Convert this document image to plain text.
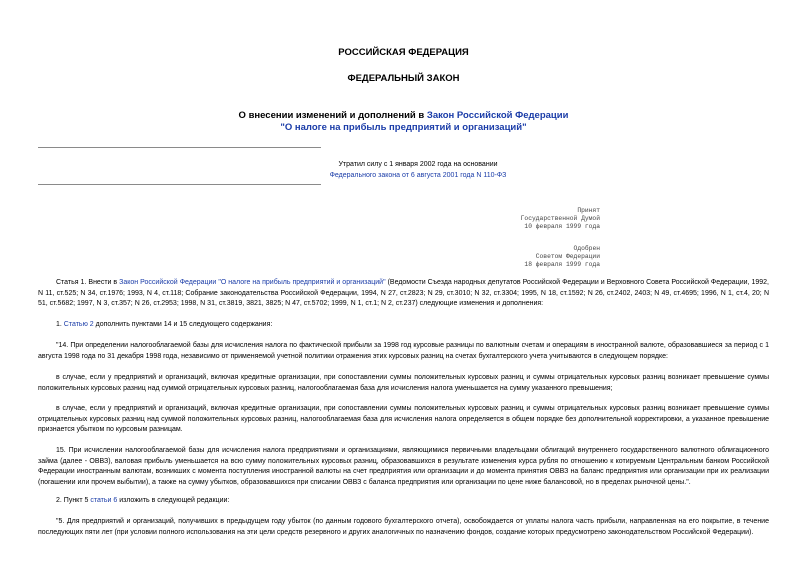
РОССИЙСКАЯ ФЕДЕРАЦИЯ
ФЕДЕРАЛЬНЫЙ ЗАКОН
О внесении изменений и дополнений в Закон Российской Федерации
"О налоге на прибыль предприятий и организаций"
Утратил силу с 1 января 2002 года на основании
Федерального закона от 6 августа 2001 года N 110-ФЗ
Принят
Государственной Думой
10 февраля 1999 года
Одобрен
Советом Федерации
18 февраля 1999 года
Статья 1. Внести в Закон Российской Федерации "О налоге на прибыль предприятий и организаций" (Ведомости Съезда народных депутатов Российской Федерации и Верховного Совета Российской Федерации, 1992, N 11, ст.525; N 34, ст.1976; 1993, N 4, ст.118; Собрание законодательства Российской Федерации, 1994, N 27, ст.2823; N 29, ст.3010; N 32, ст.3304; 1995, N 18, ст.1592; N 26, ст.2402, 2403; N 49, ст.4695; 1996, N 1, ст.4, 20; N 51, ст.5682; 1997, N 3, ст.357; N 26, ст.2953; 1998, N 31, ст.3819, 3821, 3825; N 47, ст.5702; 1999, N 1, ст.1; N 2, ст.237) следующие изменения и дополнения:
1. Статью 2 дополнить пунктами 14 и 15 следующего содержания:
"14. При определении налогооблагаемой базы для исчисления налога по фактической прибыли за 1998 год курсовые разницы по валютным счетам и операциям в иностранной валюте, образовавшиеся за период с 1 августа 1998 года по 31 декабря 1998 года, независимо от применяемой учетной политики отражения этих курсовых разниц на счетах бухгалтерского учета учитываются в следующем порядке:
в случае, если у предприятий и организаций, включая кредитные организации, при сопоставлении суммы положительных курсовых разниц и суммы отрицательных курсовых разниц возникает превышение суммы положительных курсовых разниц над суммой отрицательных курсовых разниц, налогооблагаемая база для исчисления налога уменьшается на сумму указанного превышения;
в случае, если у предприятий и организаций, включая кредитные организации, при сопоставлении суммы положительных курсовых разниц и суммы отрицательных курсовых разниц возникает превышение суммы отрицательных курсовых разниц над суммой положительных курсовых разниц, налогооблагаемая база для исчисления налога определяется в общем порядке без дополнительной корректировки, а указанное превышение признается убытком по курсовым разницам.
15. При исчислении налогооблагаемой базы для исчисления налога предприятиями и организациями, являющимися первичными владельцами облигаций внутреннего государственного валютного облигационного займа (далее - ОВВЗ), валовая прибыль уменьшается на всю сумму положительных курсовых разниц, образовавшихся в результате изменения курса рубля по отношению к котируемым Центральным банком Российской Федерации иностранным валютам, возникших с момента поступления иностранной валюты на счет предприятия или организации и до момента принятия ОВВЗ на баланс предприятия или организации при их реализации (погашении или прочем выбытии), а также на сумму убытков, образовавшихся при списании ОВВЗ с баланса предприятия или организации по цене ниже балансовой, но в пределах рыночной цены.".
2. Пункт 5 статьи 6 изложить в следующей редакции:
"5. Для предприятий и организаций, получивших в предыдущем году убыток (по данным годового бухгалтерского отчета), освобождается от уплаты налога часть прибыли, направленная на его покрытие, в течение последующих пяти лет (при условии полного использования на эти цели средств резервного и других аналогичных по назначению фондов, создание которых предусмотрено законодательством Российской Федерации).
